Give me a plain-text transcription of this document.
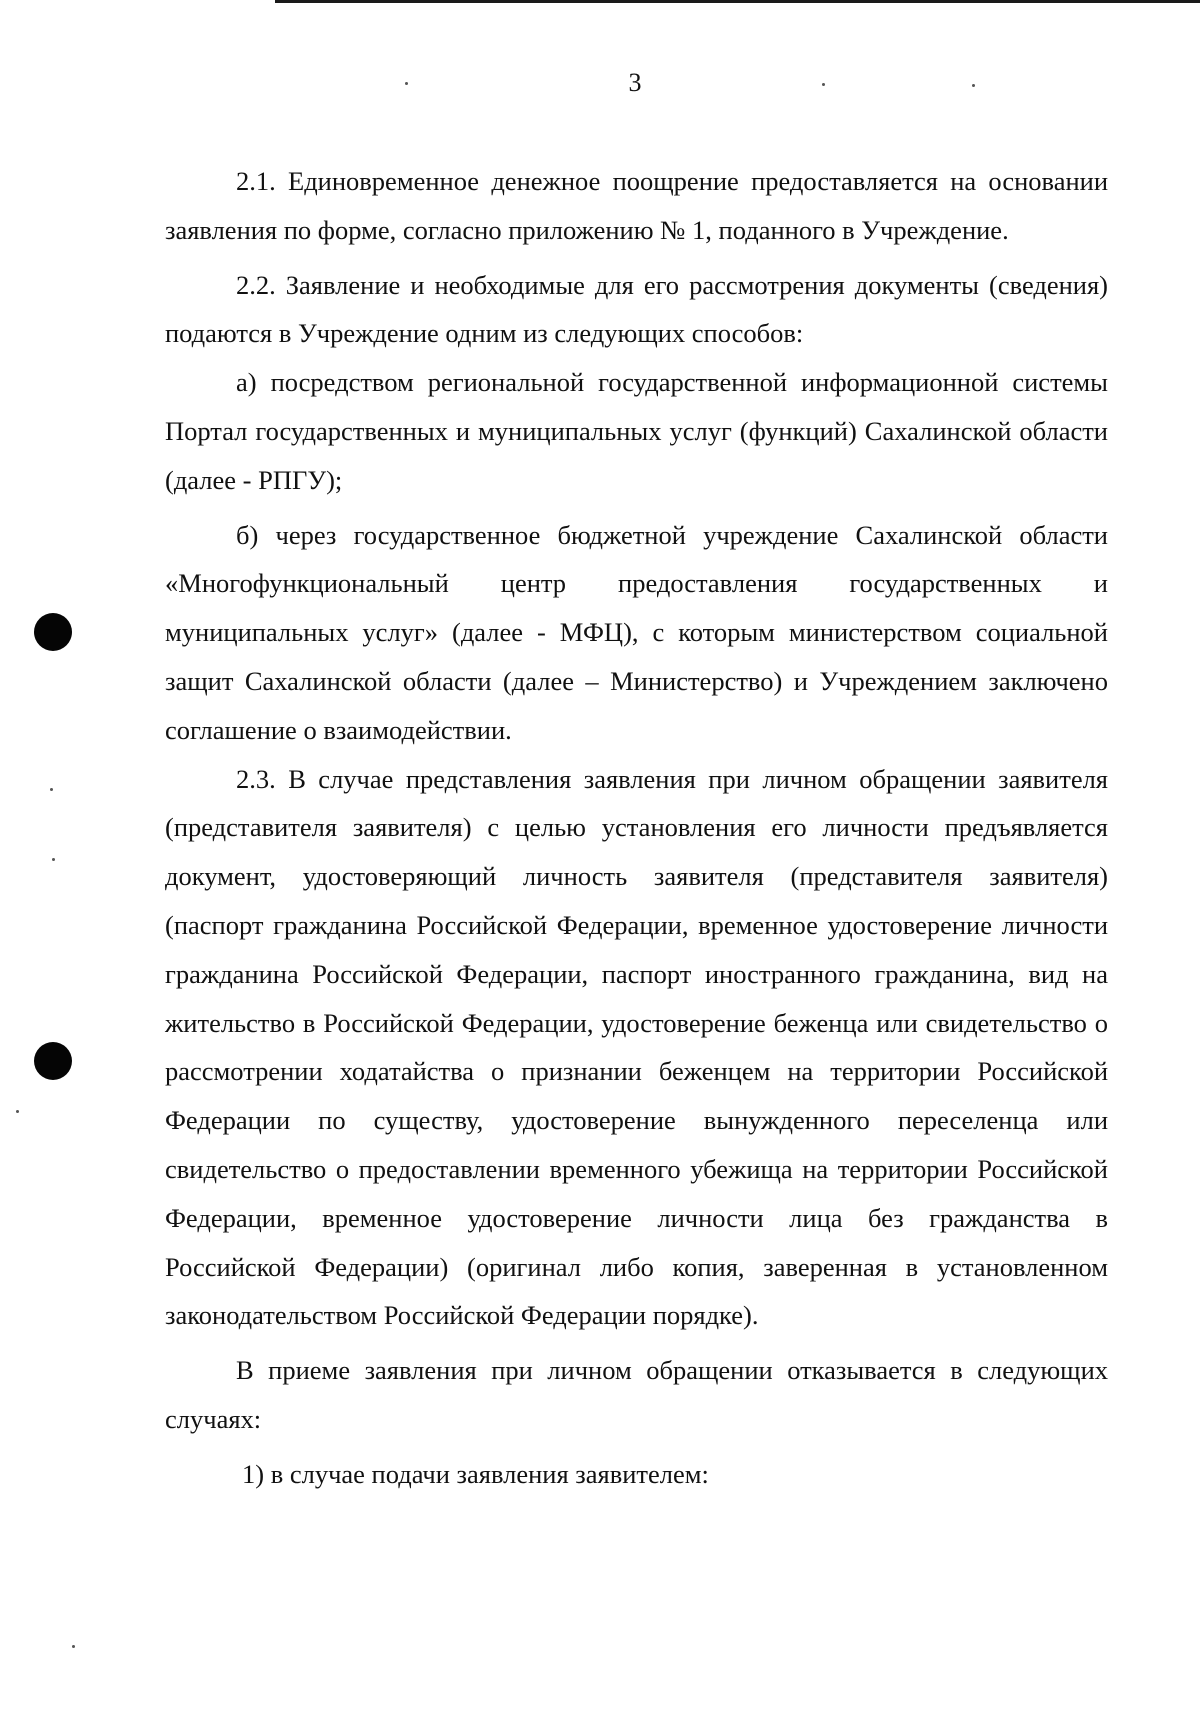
3

2.1. Единовременное денежное поощрение предоставляется на основании заявления по форме, согласно приложению № 1, поданного в Учреждение.

2.2. Заявление и необходимые для его рассмотрения документы (сведения) подаются в Учреждение одним из следующих способов:

а) посредством региональной государственной информационной системы Портал государственных и муниципальных услуг (функций) Сахалинской области (далее - РПГУ);

б) через государственное бюджетной учреждение Сахалинской области «Многофункциональный центр предоставления государственных и муниципальных услуг» (далее - МФЦ), с которым министерством социальной защит Сахалинской области (далее – Министерство) и Учреждением заключено соглашение о взаимодействии.

2.3. В случае представления заявления при личном обращении заявителя (представителя заявителя) с целью установления его личности предъявляется документ, удостоверяющий личность заявителя (представителя заявителя) (паспорт гражданина Российской Федерации, временное удостоверение личности гражданина Российской Федерации, паспорт иностранного гражданина, вид на жительство в Российской Федерации, удостоверение беженца или свидетельство о рассмотрении ходатайства о признании беженцем на территории Российской Федерации по существу, удостоверение вынужденного переселенца или свидетельство о предоставлении временного убежища на территории Российской Федерации, временное удостоверение личности лица без гражданства в Российской Федерации) (оригинал либо копия, заверенная в установленном законодательством Российской Федерации порядке).

В приеме заявления при личном обращении отказывается в следующих случаях:

1) в случае подачи заявления заявителем:
